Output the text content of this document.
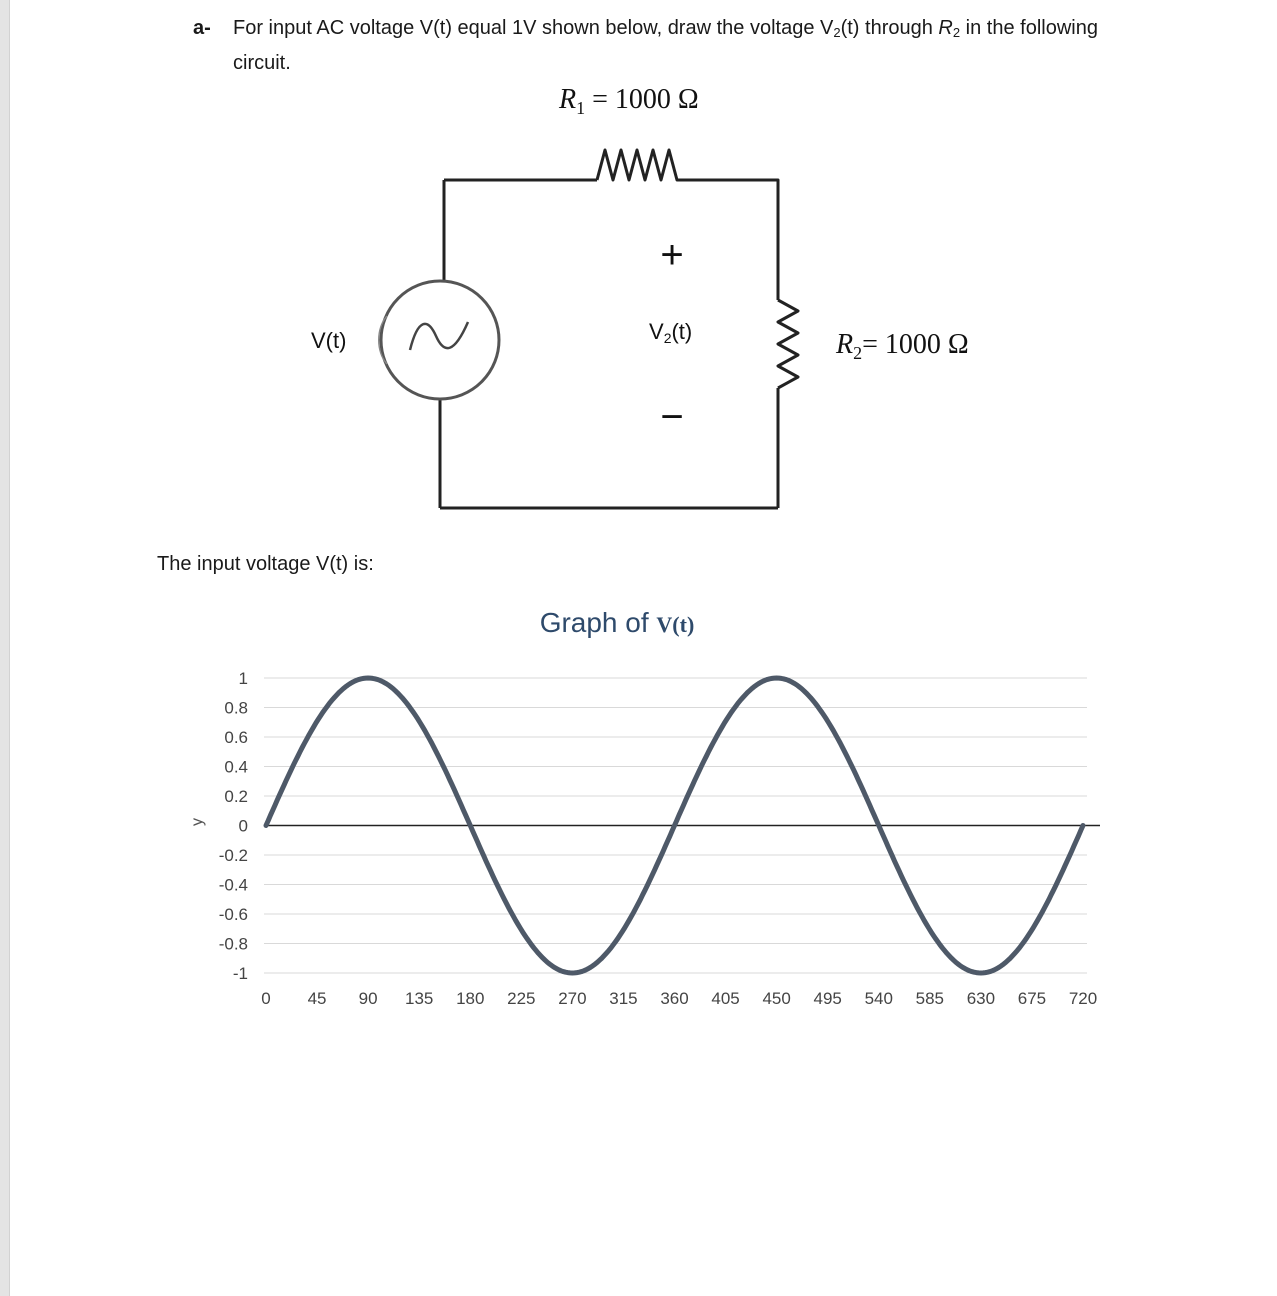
a- For input AC voltage V(t) equal 1V shown below, draw the voltage $V_2(t)$ through $R_2$ in the following circuit.
$R_1 = 1000$ Ω
$R_2= 1000$ Ω
V(t)
+
V2(t)
−
The input voltage V(t) is:
Graph of V(t)
y
1
0.8
0.6
0.4
0.2
0
-0.2
-0.4
-0.6
-0.8
-1
0 45 90 135 180 225 270 315 360 405 450 495 540 585 630 675 720
